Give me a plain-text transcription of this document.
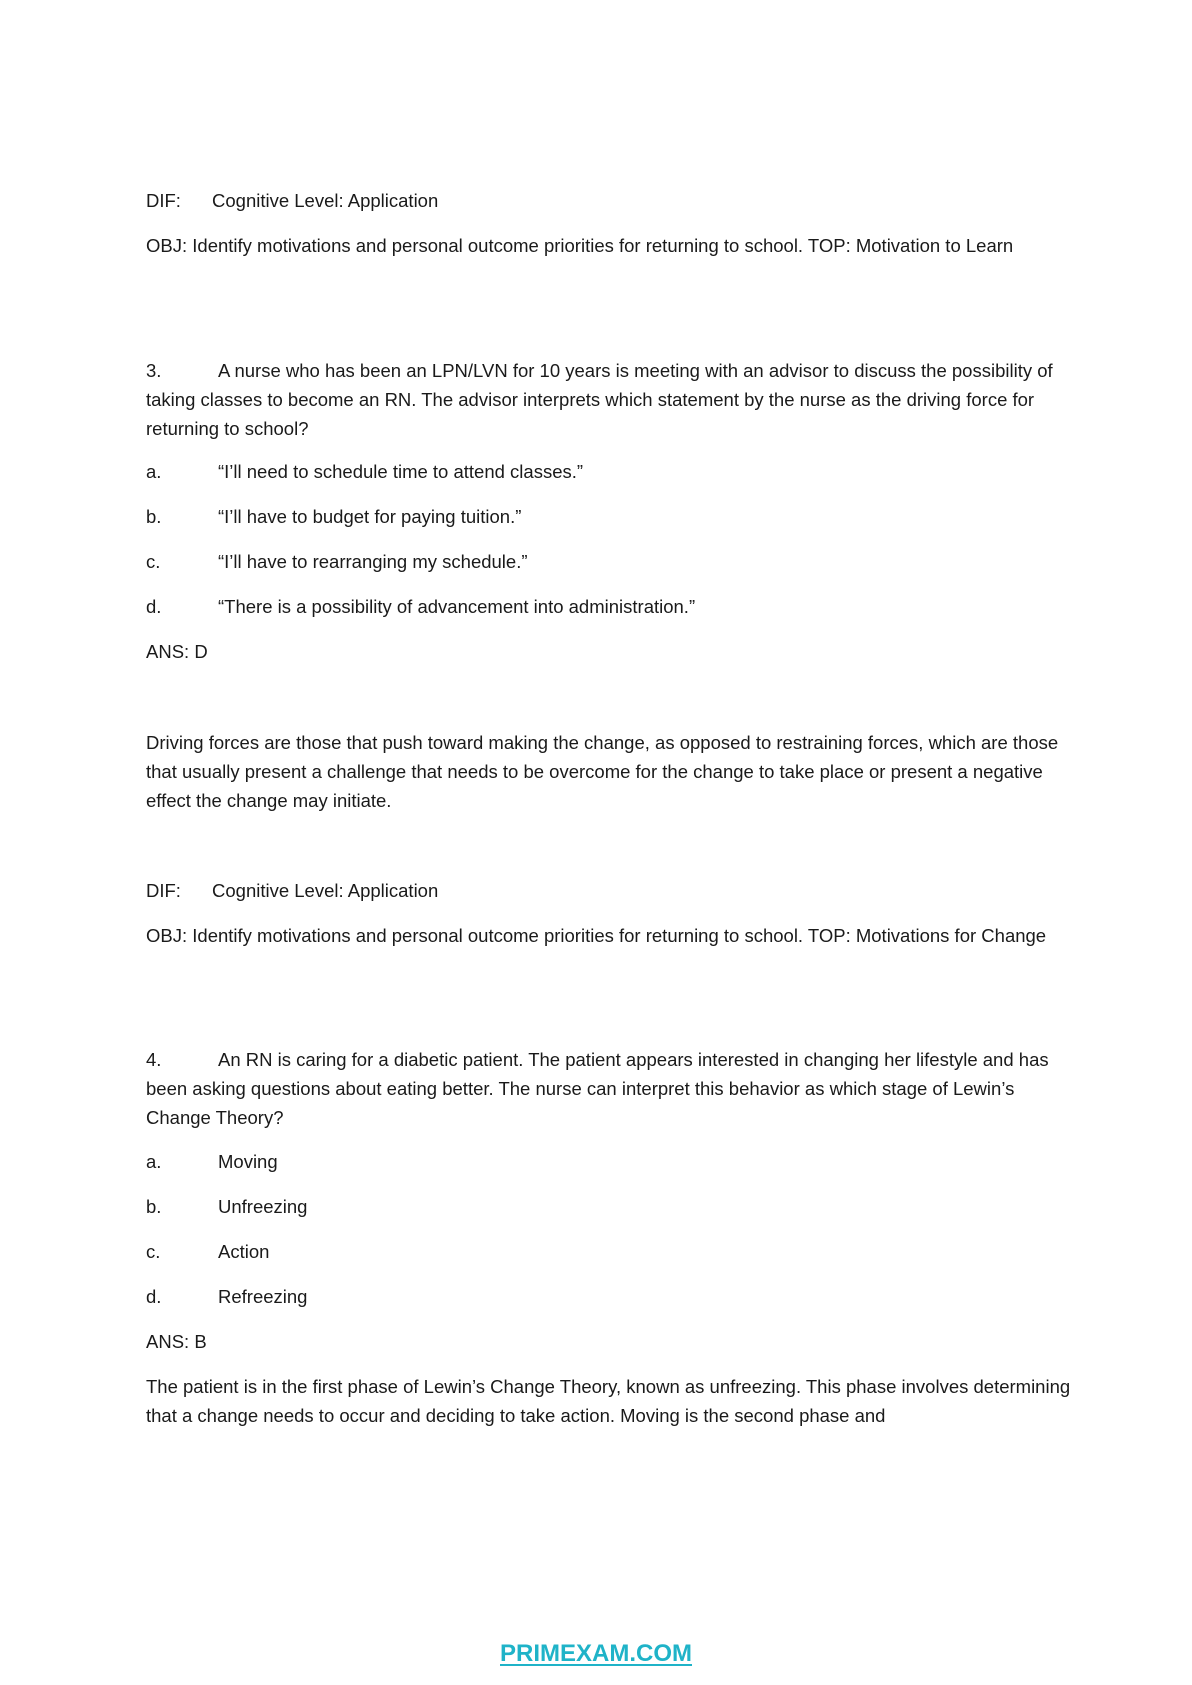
DIF:	Cognitive Level: Application

OBJ: Identify motivations and personal outcome priorities for returning to school. TOP: Motivation to Learn

3.	A nurse who has been an LPN/LVN for 10 years is meeting with an advisor to discuss the possibility of taking classes to become an RN. The advisor interprets which statement by the nurse as the driving force for returning to school?

a.	“I’ll need to schedule time to attend classes.”
b.	“I’ll have to budget for paying tuition.”
c.	“I’ll have to rearranging my schedule.”
d.	“There is a possibility of advancement into administration.”

ANS: D

Driving forces are those that push toward making the change, as opposed to restraining forces, which are those that usually present a challenge that needs to be overcome for the change to take place or present a negative effect the change may initiate.

DIF:	Cognitive Level: Application

OBJ: Identify motivations and personal outcome priorities for returning to school. TOP: Motivations for Change

4.	An RN is caring for a diabetic patient. The patient appears interested in changing her lifestyle and has been asking questions about eating better. The nurse can interpret this behavior as which stage of Lewin’s Change Theory?

a.	Moving
b.	Unfreezing
c.	Action
d.	Refreezing

ANS: B

The patient is in the first phase of Lewin’s Change Theory, known as unfreezing. This phase involves determining that a change needs to occur and deciding to take action. Moving is the second phase and

PRIMEXAM.COM
